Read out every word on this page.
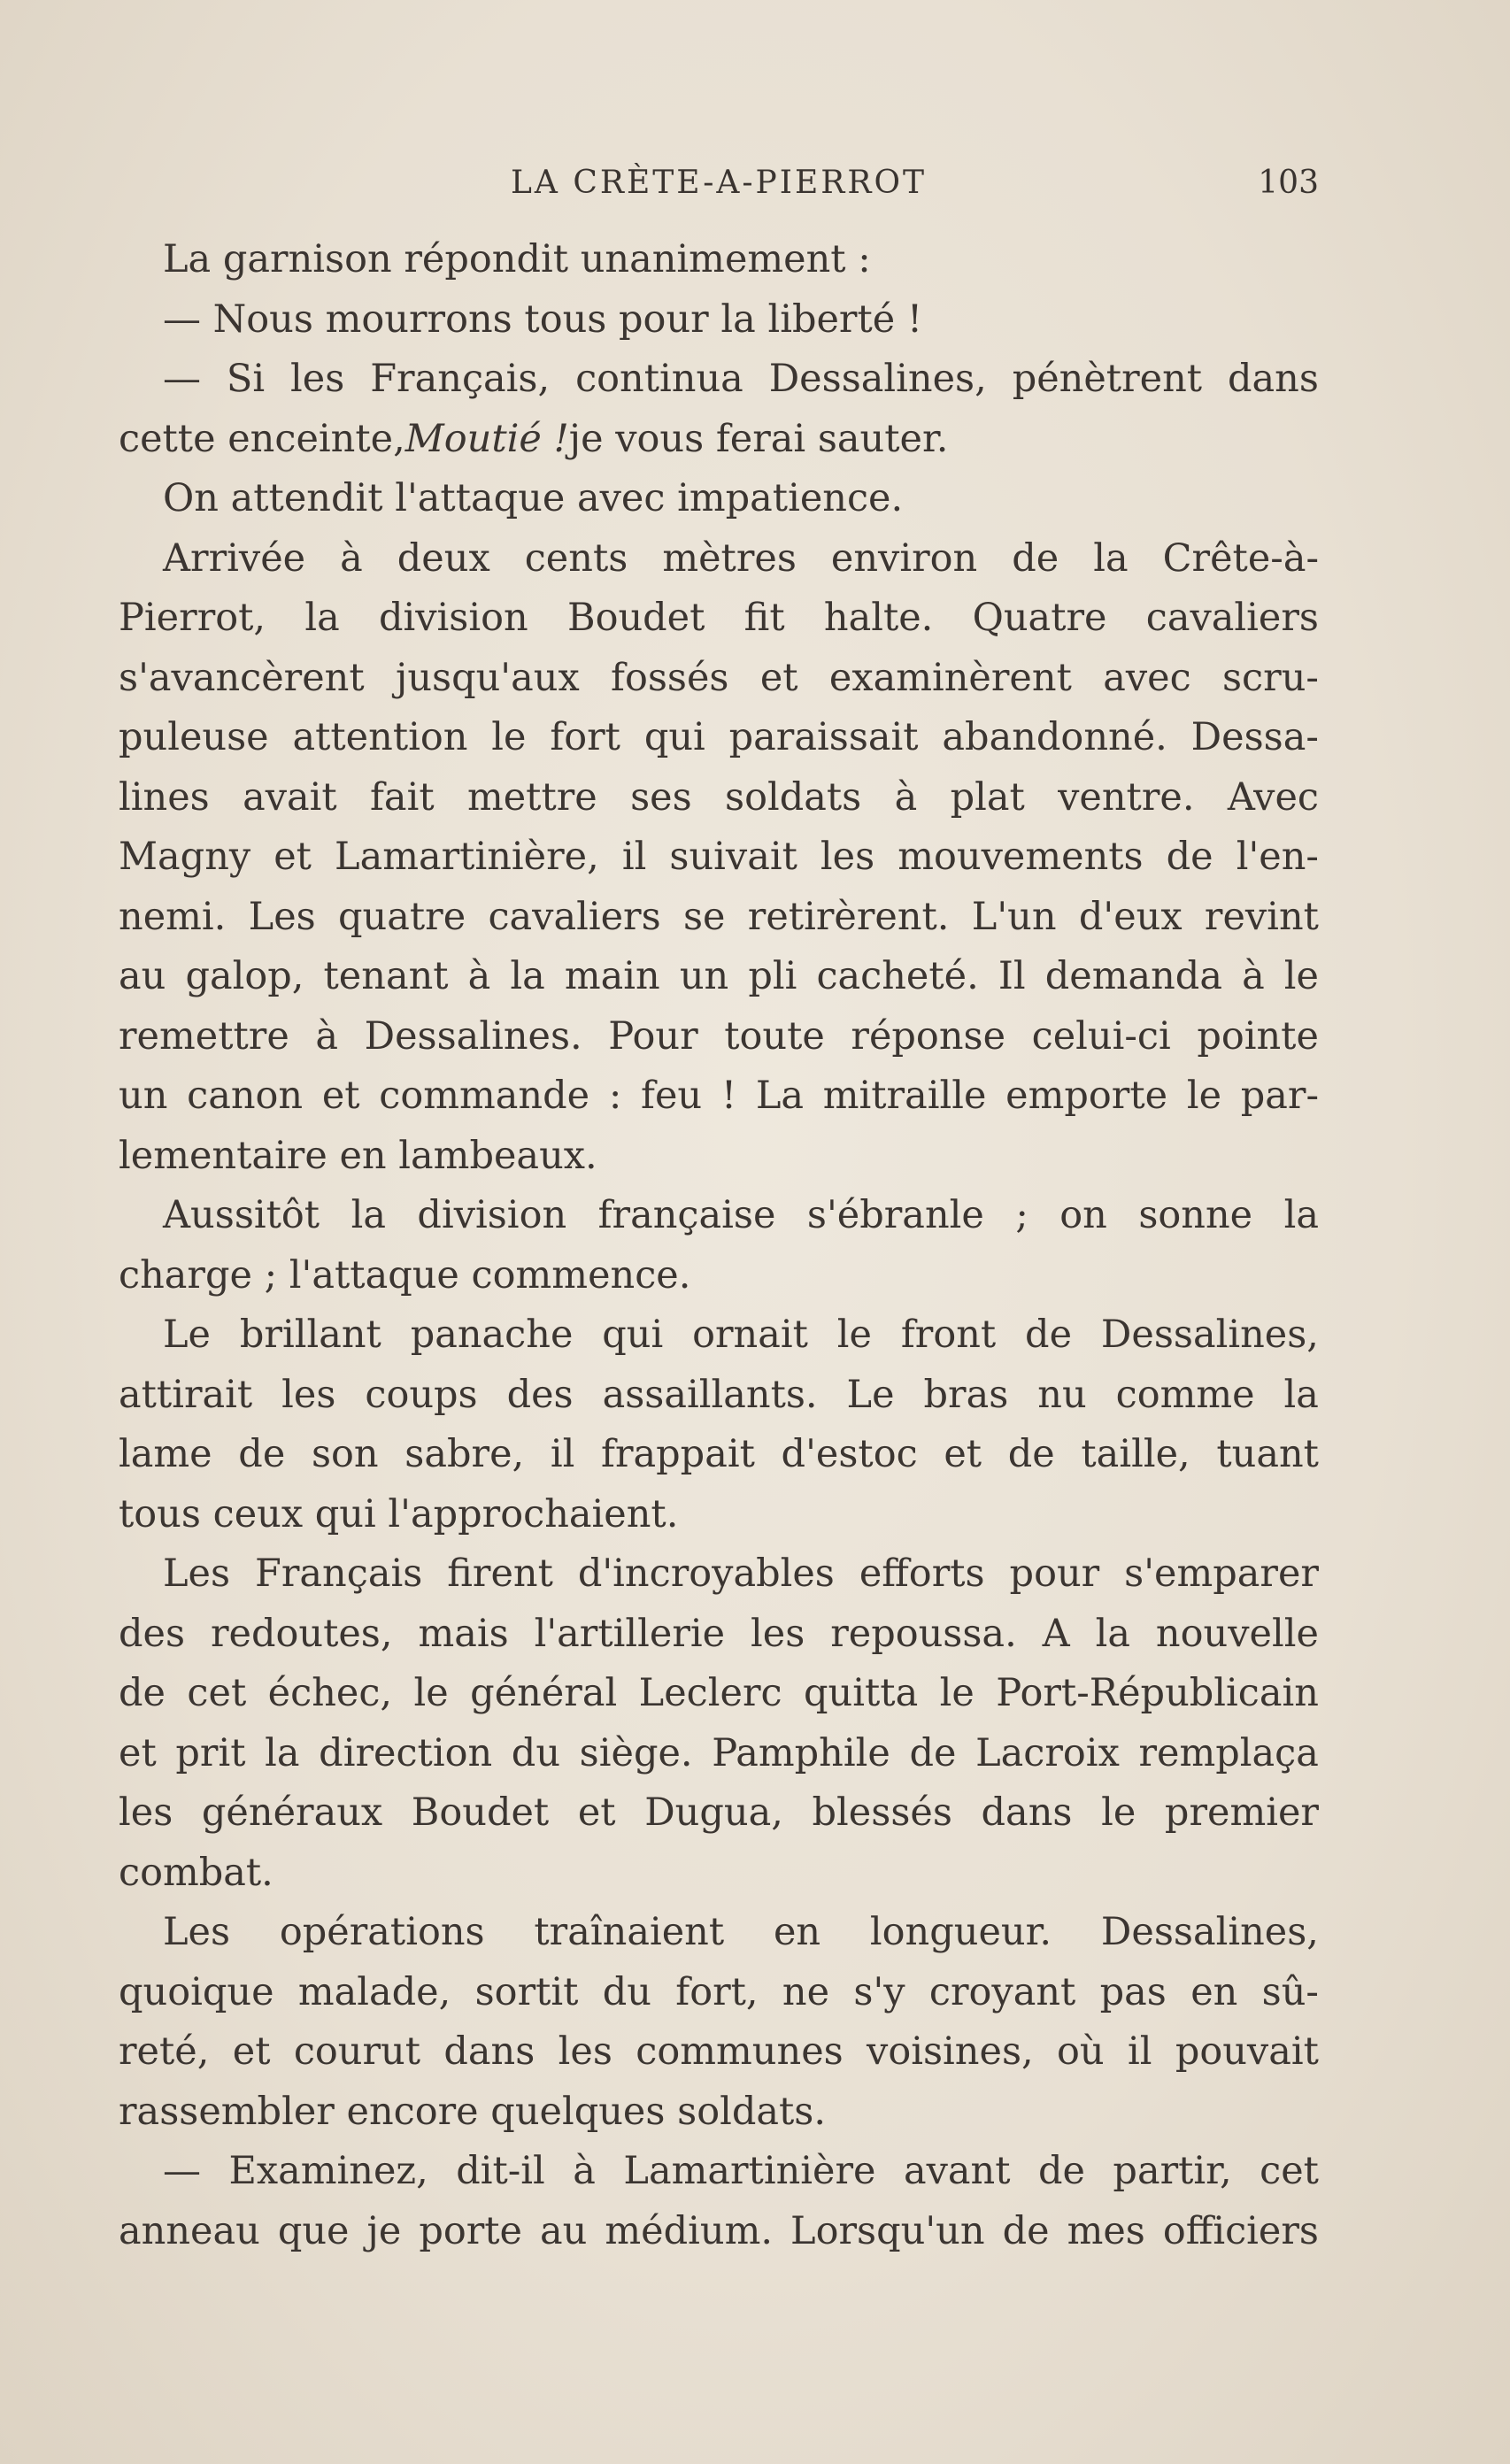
LA CRÈTE-A-PIERROT	103
La garnison répondit unanimement :
— Nous mourrons tous pour la liberté !
— Si les Français, continua Dessalines, pénètrent dans
cette enceinte, Moutié ! je vous ferai sauter.
On attendit l'attaque avec impatience.
Arrivée à deux cents mètres environ de la Crête-à-
Pierrot, la division Boudet fit halte. Quatre cavaliers
s'avancèrent jusqu'aux fossés et examinèrent avec scru-
puleuse attention le fort qui paraissait abandonné. Dessa-
lines avait fait mettre ses soldats à plat ventre. Avec
Magny et Lamartinière, il suivait les mouvements de l'en-
nemi. Les quatre cavaliers se retirèrent. L'un d'eux revint
au galop, tenant à la main un pli cacheté. Il demanda à le
remettre à Dessalines. Pour toute réponse celui-ci pointe
un canon et commande : feu ! La mitraille emporte le par-
lementaire en lambeaux.
Aussitôt la division française s'ébranle ; on sonne la
charge ; l'attaque commence.
Le brillant panache qui ornait le front de Dessalines,
attirait les coups des assaillants. Le bras nu comme la
lame de son sabre, il frappait d'estoc et de taille, tuant
tous ceux qui l'approchaient.
Les Français firent d'incroyables efforts pour s'emparer
des redoutes, mais l'artillerie les repoussa. A la nouvelle
de cet échec, le général Leclerc quitta le Port-Républicain
et prit la direction du siège. Pamphile de Lacroix remplaça
les généraux Boudet et Dugua, blessés dans le premier
combat.
Les opérations traînaient en longueur. Dessalines,
quoique malade, sortit du fort, ne s'y croyant pas en sû-
reté, et courut dans les communes voisines, où il pouvait
rassembler encore quelques soldats.
— Examinez, dit-il à Lamartinière avant de partir, cet
anneau que je porte au médium. Lorsqu'un de mes officiers
